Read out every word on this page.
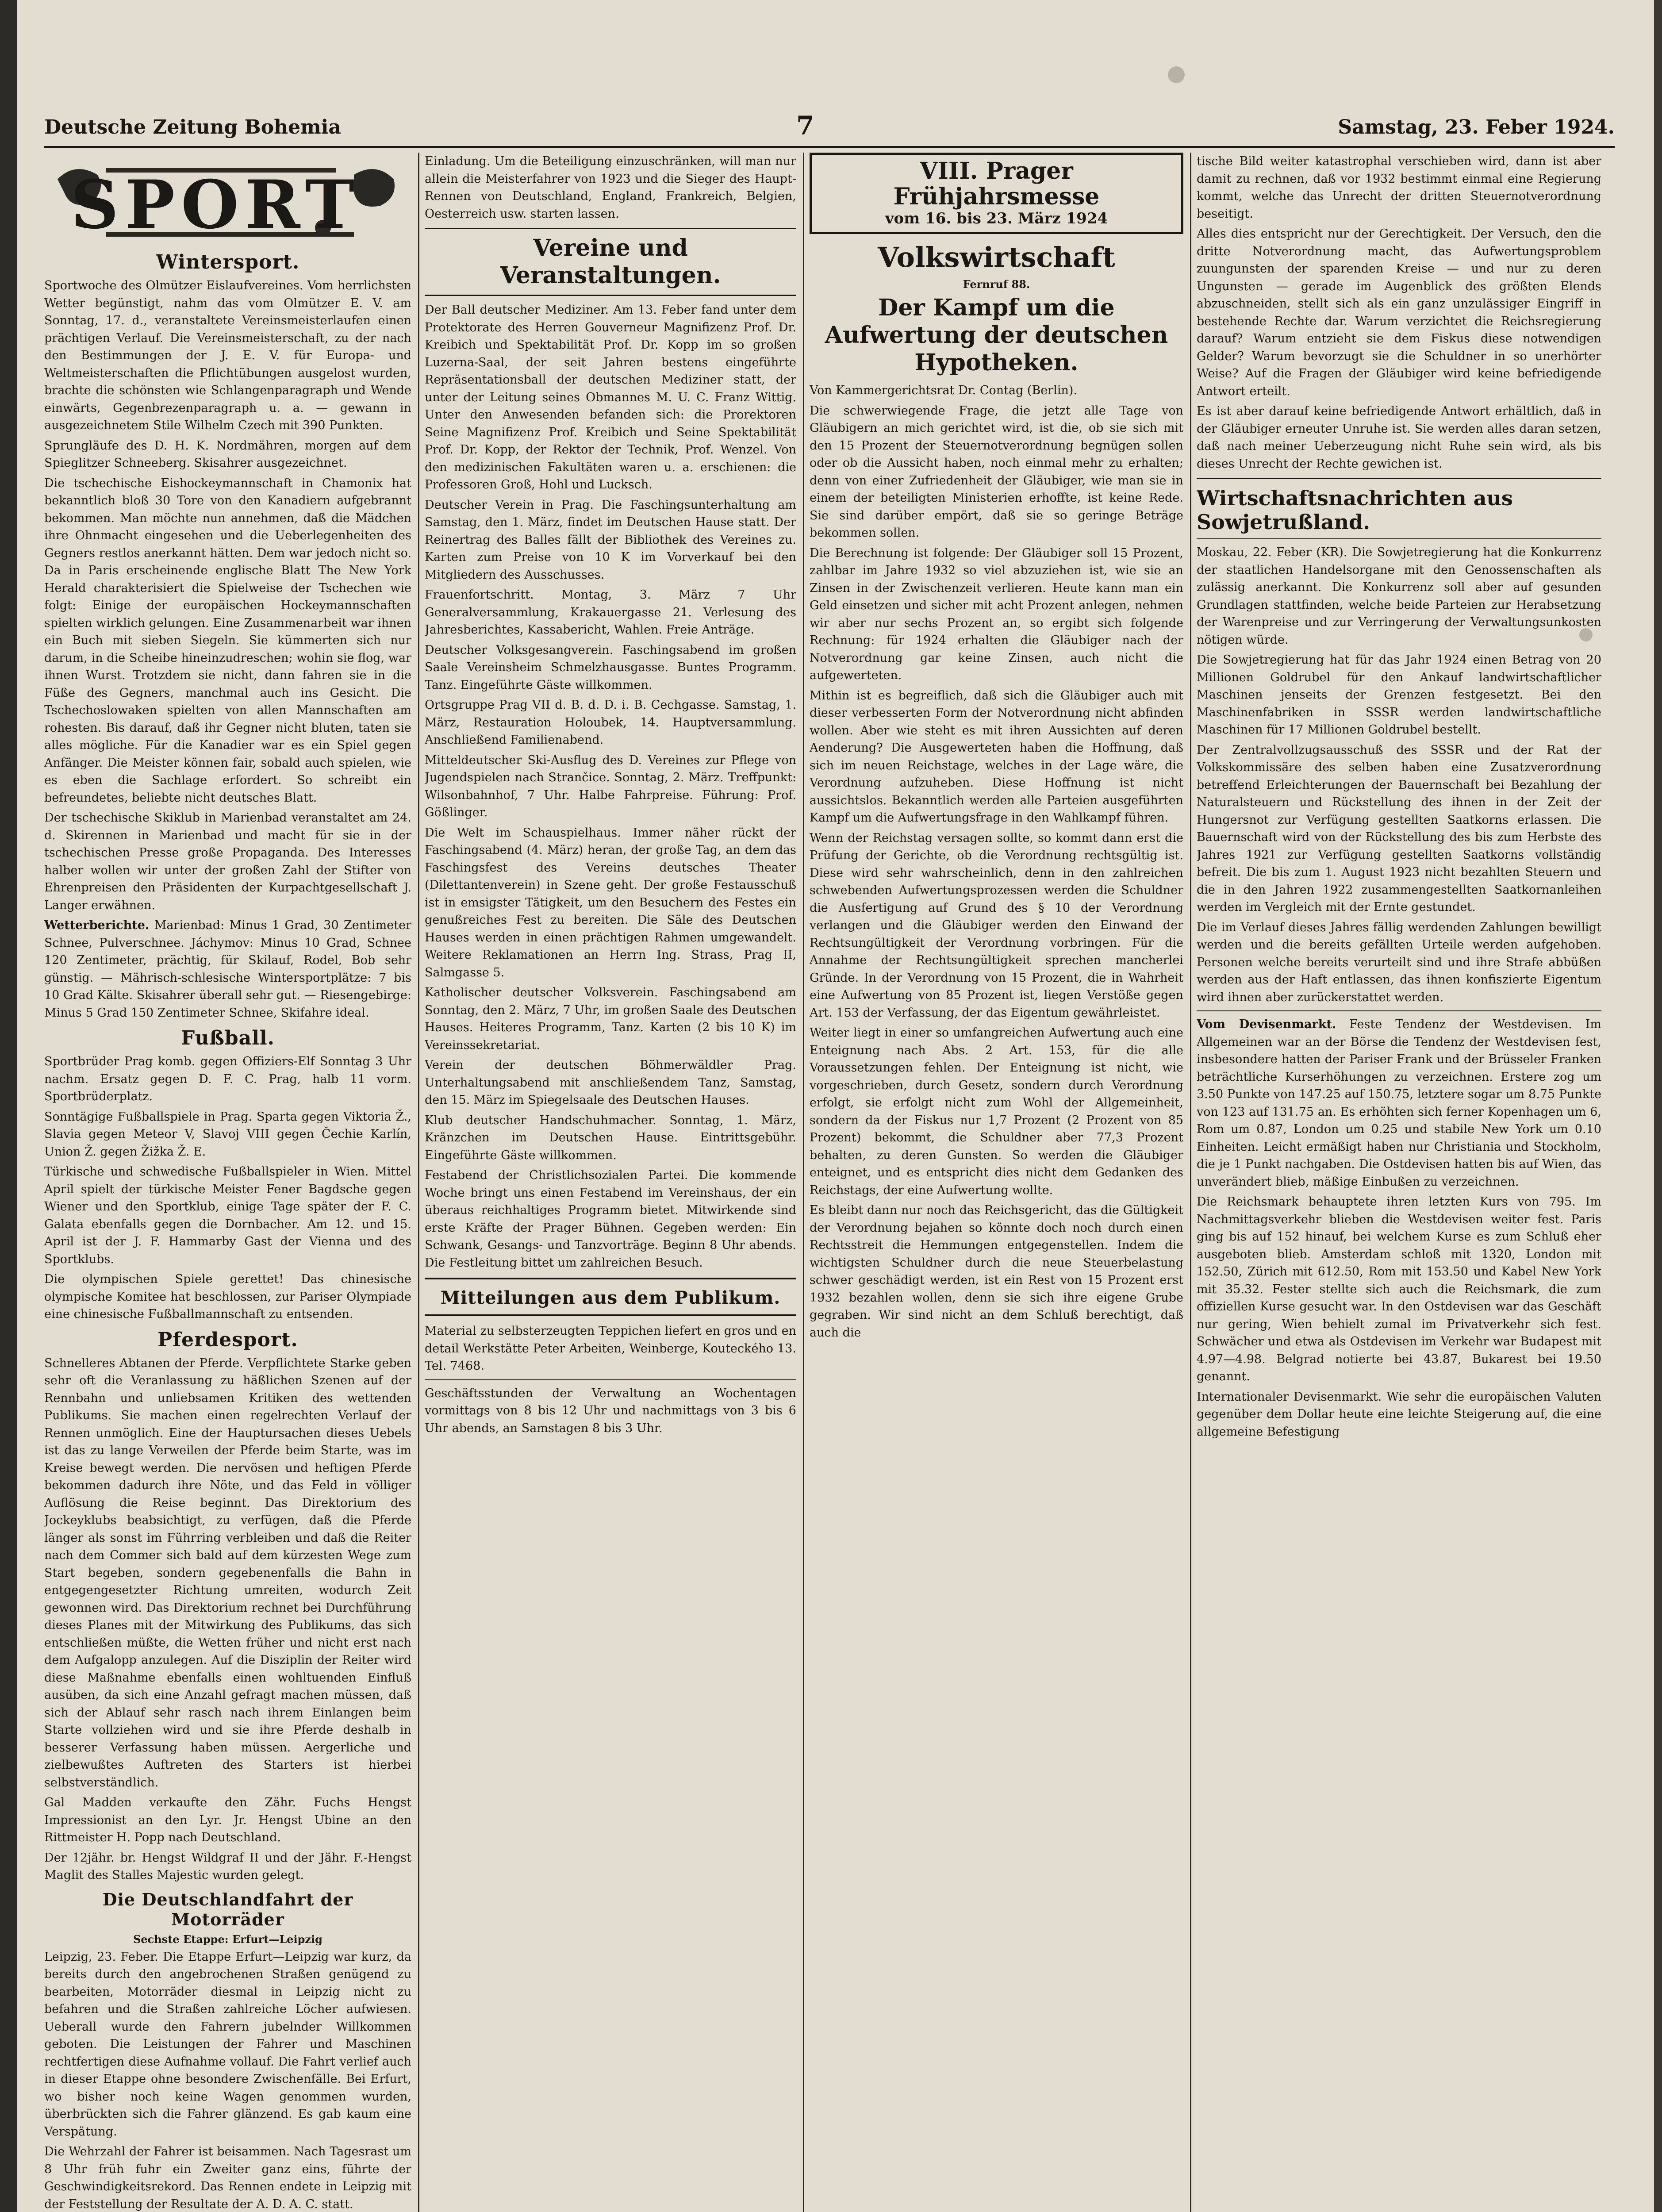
Deutsche Zeitung Bohemia	7	Samstag, 23. Feber 1924.
SPORT
Wintersport.

Sportwoche des Olmützer Eislaufvereines. Vom herrlichsten Wetter begünstigt, nahm das vom Olmützer E. V. am Sonntag, 17. d., veranstaltete Vereinsmeisterlaufen einen prächtigen Verlauf. Die Vereinsmeisterschaft, zu der nach den Bestimmungen der J. E. V. für Europa- und Weltmeisterschaften die Pflichtübungen ausgelost wurden, brachte die schönsten wie Schlangenparagraph und Wende einwärts, Gegenbrezenparagraph u. a. — gewann in ausgezeichnetem Stile Wilhelm Czech mit 390 Punkten.

Sprungläufe des D. H. K. Nordmähren, morgen auf dem Spieglitzer Schneeberg. Skisahrer ausgezeichnet.

Die tschechische Eishockeymannschaft in Chamonix hat bekanntlich bloß 30 Tore von den Kanadiern aufgebrannt bekommen. Man möchte nun annehmen, daß die Mädchen ihre Ohnmacht eingesehen und die Ueberlegenheiten des Gegners restlos anerkannt hätten. Dem war jedoch nicht so. Da in Paris erscheinende englische Blatt The New York Herald charakterisiert die Spielweise der Tschechen wie folgt: Einige der europäischen Hockeymannschaften spielten wirklich gelungen. Eine Zusammenarbeit war ihnen ein Buch mit sieben Siegeln. Sie kümmerten sich nur darum, in die Scheibe hineinzudreschen; wohin sie flog, war ihnen Wurst. Trotzdem sie nicht, dann fahren sie in die Füße des Gegners, manchmal auch ins Gesicht. Die Tschechoslowaken spielten von allen Mannschaften am rohesten. Bis darauf, daß ihr Gegner nicht bluten, taten sie alles mögliche. Für die Kanadier war es ein Spiel gegen Anfänger. Die Meister können fair, sobald auch spielen, wie es eben die Sachlage erfordert. So schreibt ein befreundetes, beliebte nicht deutsches Blatt.

Der tschechische Skiklub in Marienbad veranstaltet am 24. d. Skirennen in Marienbad und macht für sie in der tschechischen Presse große Propaganda. Des Interesses halber wollen wir unter der großen Zahl der Stifter von Ehrenpreisen den Präsidenten der Kurpachtgesellschaft J. Langer erwähnen.

Wetterberichte. Marienbad: Minus 1 Grad, 30 Zentimeter Schnee, Pulverschnee. Jáchymov: Minus 10 Grad, Schnee 120 Zentimeter, prächtig, für Skilauf, Rodel, Bob sehr günstig. — Mährisch-schlesische Wintersportplätze: 7 bis 10 Grad Kälte. Skisahrer überall sehr gut. — Riesengebirge: Minus 5 Grad 150 Zentimeter Schnee, Skifahre ideal.

Fußball.

Sportbrüder Prag komb. gegen Offiziers-Elf Sonntag 3 Uhr nachm. Ersatz gegen D. F. C. Prag, halb 11 vorm. Sportbrüderplatz.

Sonntägige Fußballspiele in Prag. Sparta gegen Viktoria Ž., Slavia gegen Meteor V, Slavoj VIII gegen Čechie Karlín, Union Ž. gegen Žižka Ž. E.

Türkische und schwedische Fußballspieler in Wien. Mittel April spielt der türkische Meister Fener Bagdsche gegen Wiener und den Sportklub, einige Tage später der F. C. Galata ebenfalls gegen die Dornbacher. Am 12. und 15. April ist der J. F. Hammarby Gast der Vienna und des Sportklubs.

Die olympischen Spiele gerettet! Das chinesische olympische Komitee hat beschlossen, zur Pariser Olympiade eine chinesische Fußballmannschaft zu entsenden.

Pferdesport.

Schnelleres Abtanen der Pferde. Verpflichtete Starke geben sehr oft die Veranlassung zu häßlichen Szenen auf der Rennbahn und unliebsamen Kritiken des wettenden Publikums. Sie machen einen regelrechten Verlauf der Rennen unmöglich. Eine der Hauptursachen dieses Uebels ist das zu lange Verweilen der Pferde beim Starte, was im Kreise bewegt werden. Die nervösen und heftigen Pferde bekommen dadurch ihre Nöte, und das Feld in völliger Auflösung die Reise beginnt. Das Direktorium des Jockeyklubs beabsichtigt, zu verfügen, daß die Pferde länger als sonst im Führring verbleiben und daß die Reiter nach dem Commer sich bald auf dem kürzesten Wege zum Start begeben, sondern gegebenenfalls die Bahn in entgegengesetzter Richtung umreiten, wodurch Zeit gewonnen wird. Das Direktorium rechnet bei Durchführung dieses Planes mit der Mitwirkung des Publikums, das sich entschließen müßte, die Wetten früher und nicht erst nach dem Aufgalopp anzulegen. Auf die Disziplin der Reiter wird diese Maßnahme ebenfalls einen wohltuenden Einfluß ausüben, da sich eine Anzahl gefragt machen müssen, daß sich der Ablauf sehr rasch nach ihrem Einlangen beim Starte vollziehen wird und sie ihre Pferde deshalb in besserer Verfassung haben müssen. Aergerliche und zielbewußtes Auftreten des Starters ist hierbei selbstverständlich.

Gal Madden verkaufte den Zähr. Fuchs Hengst Impressionist an den Lyr. Jr. Hengst Ubine an den Rittmeister H. Popp nach Deutschland.

Der 12jähr. br. Hengst Wildgraf II und der Jähr. F.-Hengst Maglit des Stalles Majestic wurden gelegt.

Die Deutschlandfahrt der Motorräder
Sechste Etappe: Erfurt—Leipzig

Leipzig, 23. Feber. Die Etappe Erfurt—Leipzig war kurz, da bereits durch den angebrochenen Straßen genügend zu bearbeiten, Motorräder diesmal in Leipzig nicht zu befahren und die Straßen zahlreiche Löcher aufwiesen. Ueberall wurde den Fahrern jubelnder Willkommen geboten. Die Leistungen der Fahrer und Maschinen rechtfertigen diese Aufnahme vollauf. Die Fahrt verlief auch in dieser Etappe ohne besondere Zwischenfälle. Bei Erfurt, wo bisher noch keine Wagen genommen wurden, überbrückten sich die Fahrer glänzend. Es gab kaum eine Verspätung.

Die Wehrzahl der Fahrer ist beisammen. Nach Tagesrast um 8 Uhr früh fuhr ein Zweiter ganz eins, führte der Geschwindigkeitsrekord. Das Rennen endete in Leipzig mit der Feststellung der Resultate der A. D. A. C. statt.

Einladung. Um die Beteiligung einzuschränken, will man nur allein die Meisterfahrer von 1923 und die Sieger des Haupt-Rennen von Deutschland, England, Frankreich, Belgien, Oesterreich usw. starten lassen.

Vereine und Veranstaltungen.

Der Ball deutscher Mediziner. Am 13. Feber fand unter dem Protektorate des Herren Gouverneur Magnifizenz Prof. Dr. Kreibich und Spektabilität Prof. Dr. Kopp im so großen Luzerna-Saal, der seit Jahren bestens eingeführte Repräsentationsball der deutschen Mediziner statt, der unter der Leitung seines Obmannes M. U. C. Franz Wittig. Unter den Anwesenden befanden sich: die Prorektoren Seine Magnifizenz Prof. Kreibich und Seine Spektabilität Prof. Dr. Kopp, der Rektor der Technik, Prof. Wenzel. Von den medizinischen Fakultäten waren u. a. erschienen: die Professoren Groß, Hohl und Lucksch.

Deutscher Verein in Prag. Die Faschingsunterhaltung am Samstag, den 1. März, findet im Deutschen Hause statt. Der Reinertrag des Balles fällt der Bibliothek des Vereines zu. Karten zum Preise von 10 K im Vorverkauf bei den Mitgliedern des Ausschusses.

Frauenfortschritt. Montag, 3. März 7 Uhr Generalversammlung, Krakauergasse 21. Verlesung des Jahresberichtes, Kassabericht, Wahlen. Freie Anträge.

Deutscher Volksgesangverein. Faschingsabend im großen Saale Vereinsheim Schmelzhausgasse. Buntes Programm. Tanz. Eingeführte Gäste willkommen.

Ortsgruppe Prag VII d. B. d. D. i. B. Cechgasse. Samstag, 1. März, Restauration Holoubek, 14. Hauptversammlung. Anschließend Familienabend.

Mitteldeutscher Ski-Ausflug des D. Vereines zur Pflege von Jugendspielen nach Strančice. Sonntag, 2. März. Treffpunkt: Wilsonbahnhof, 7 Uhr. Halbe Fahrpreise. Führung: Prof. Gößlinger.

Die Welt im Schauspielhaus. Immer näher rückt der Faschingsabend (4. März) heran, der große Tag, an dem das Faschingsfest des Vereins deutsches Theater (Dilettantenverein) in Szene geht. Der große Festausschuß ist in emsigster Tätigkeit, um den Besuchern des Festes ein genußreiches Fest zu bereiten. Die Säle des Deutschen Hauses werden in einen prächtigen Rahmen umgewandelt. Weitere Reklamationen an Herrn Ing. Strass, Prag II, Salmgasse 5.

Katholischer deutscher Volksverein. Faschingsabend am Sonntag, den 2. März, 7 Uhr, im großen Saale des Deutschen Hauses. Heiteres Programm, Tanz. Karten (2 bis 10 K) im Vereinssekretariat.

Verein der deutschen Böhmerwäldler Prag. Unterhaltungsabend mit anschließendem Tanz, Samstag, den 15. März im Spiegelsaale des Deutschen Hauses.

Klub deutscher Handschuhmacher. Sonntag, 1. März, Kränzchen im Deutschen Hause. Eintrittsgebühr. Eingeführte Gäste willkommen.

Festabend der Christlichsozialen Partei. Die kommende Woche bringt uns einen Festabend im Vereinshaus, der ein überaus reichhaltiges Programm bietet. Mitwirkende sind erste Kräfte der Prager Bühnen. Gegeben werden: Ein Schwank, Gesangs- und Tanzvorträge. Beginn 8 Uhr abends. Die Festleitung bittet um zahlreichen Besuch.

Mitteilungen aus dem Publikum.

Material zu selbsterzeugten Teppichen liefert en gros und en detail Werkstätte Peter Arbeiten, Weinberge, Kouteckého 13. Tel. 7468.

Geschäftsstunden der Verwaltung an Wochentagen vormittags von 8 bis 12 Uhr und nachmittags von 3 bis 6 Uhr abends, an Samstagen 8 bis 3 Uhr.

VIII. Prager Frühjahrsmesse
vom 16. bis 23. März 1924
Volkswirtschaft
Fernruf 88.
Der Kampf um die Aufwertung der deutschen Hypotheken.

Von Kammergerichtsrat Dr. Contag (Berlin).

Die schwerwiegende Frage, die jetzt alle Tage von Gläubigern an mich gerichtet wird, ist die, ob sie sich mit den 15 Prozent der Steuernotverordnung begnügen sollen oder ob die Aussicht haben, noch einmal mehr zu erhalten; denn von einer Zufriedenheit der Gläubiger, wie man sie in einem der beteiligten Ministerien erhoffte, ist keine Rede. Sie sind darüber empört, daß sie so geringe Beträge bekommen sollen.

Die Berechnung ist folgende: Der Gläubiger soll 15 Prozent, zahlbar im Jahre 1932 so viel abzuziehen ist, wie sie an Zinsen in der Zwischenzeit verlieren. Heute kann man ein Geld einsetzen und sicher mit acht Prozent anlegen, nehmen wir aber nur sechs Prozent an, so ergibt sich folgende Rechnung: für 1924 erhalten die Gläubiger nach der Notverordnung gar keine Zinsen, auch nicht die aufgewerteten.

Mithin ist es begreiflich, daß sich die Gläubiger auch mit dieser verbesserten Form der Notverordnung nicht abfinden wollen. Aber wie steht es mit ihren Aussichten auf deren Aenderung? Die Ausgewerteten haben die Hoffnung, daß sich im neuen Reichstage, welches in der Lage wäre, die Verordnung aufzuheben. Diese Hoffnung ist nicht aussichtslos. Bekanntlich werden alle Parteien ausgeführten Kampf um die Aufwertungsfrage in den Wahlkampf führen.

Wenn der Reichstag versagen sollte, so kommt dann erst die Prüfung der Gerichte, ob die Verordnung rechtsgültig ist. Diese wird sehr wahrscheinlich, denn in den zahlreichen schwebenden Aufwertungsprozessen werden die Schuldner die Ausfertigung auf Grund des § 10 der Verordnung verlangen und die Gläubiger werden den Einwand der Rechtsungültigkeit der Verordnung vorbringen. Für die Annahme der Rechtsungültigkeit sprechen mancherlei Gründe. In der Verordnung von 15 Prozent, die in Wahrheit eine Aufwertung von 85 Prozent ist, liegen Verstöße gegen Art. 153 der Verfassung, der das Eigentum gewährleistet.

Weiter liegt in einer so umfangreichen Aufwertung auch eine Enteignung nach Abs. 2 Art. 153, für die alle Voraussetzungen fehlen. Der Enteignung ist nicht, wie vorgeschrieben, durch Gesetz, sondern durch Verordnung erfolgt, sie erfolgt nicht zum Wohl der Allgemeinheit, sondern da der Fiskus nur 1,7 Prozent (2 Prozent von 85 Prozent) bekommt, die Schuldner aber 77,3 Prozent behalten, zu deren Gunsten. So werden die Gläubiger enteignet, und es entspricht dies nicht dem Gedanken des Reichstags, der eine Aufwertung wollte.

Es bleibt dann nur noch das Reichsgericht, das die Gültigkeit der Verordnung bejahen so könnte doch noch durch einen Rechtsstreit die Hemmungen entgegenstellen. Indem die wichtigsten Schuldner durch die neue Steuerbelastung schwer geschädigt werden, ist ein Rest von 15 Prozent erst 1932 bezahlen wollen, denn sie sich ihre eigene Grube gegraben. Wir sind nicht an dem Schluß berechtigt, daß auch die

tische Bild weiter katastrophal verschieben wird, dann ist aber damit zu rechnen, daß vor 1932 bestimmt einmal eine Regierung kommt, welche das Unrecht der dritten Steuernotverordnung beseitigt.

Alles dies entspricht nur der Gerechtigkeit. Der Versuch, den die dritte Notverordnung macht, das Aufwertungsproblem zuungunsten der sparenden Kreise — und nur zu deren Ungunsten — gerade im Augenblick des größten Elends abzuschneiden, stellt sich als ein ganz unzulässiger Eingriff in bestehende Rechte dar. Warum verzichtet die Reichsregierung darauf? Warum entzieht sie dem Fiskus diese notwendigen Gelder? Warum bevorzugt sie die Schuldner in so unerhörter Weise? Auf die Fragen der Gläubiger wird keine befriedigende Antwort erteilt.

Es ist aber darauf keine befriedigende Antwort erhältlich, daß in der Gläubiger erneuter Unruhe ist. Sie werden alles daran setzen, daß nach meiner Ueberzeugung nicht Ruhe sein wird, als bis dieses Unrecht der Rechte gewichen ist.

Wirtschaftsnachrichten aus Sowjetrußland.

Moskau, 22. Feber (KR). Die Sowjetregierung hat die Konkurrenz der staatlichen Handelsorgane mit den Genossenschaften als zulässig anerkannt. Die Konkurrenz soll aber auf gesunden Grundlagen stattfinden, welche beide Parteien zur Herabsetzung der Warenpreise und zur Verringerung der Verwaltungsunkosten nötigen würde.

Die Sowjetregierung hat für das Jahr 1924 einen Betrag von 20 Millionen Goldrubel für den Ankauf landwirtschaftlicher Maschinen jenseits der Grenzen festgesetzt. Bei den Maschinenfabriken in SSSR werden landwirtschaftliche Maschinen für 17 Millionen Goldrubel bestellt.

Der Zentralvollzugsausschuß des SSSR und der Rat der Volkskommissäre des selben haben eine Zusatzverordnung betreffend Erleichterungen der Bauernschaft bei Bezahlung der Naturalsteuern und Rückstellung des ihnen in der Zeit der Hungersnot zur Verfügung gestellten Saatkorns erlassen. Die Bauernschaft wird von der Rückstellung des bis zum Herbste des Jahres 1921 zur Verfügung gestellten Saatkorns vollständig befreit. Die bis zum 1. August 1923 nicht bezahlten Steuern und die in den Jahren 1922 zusammengestellten Saatkornanleihen werden im Vergleich mit der Ernte gestundet.

Die im Verlauf dieses Jahres fällig werdenden Zahlungen bewilligt werden und die bereits gefällten Urteile werden aufgehoben. Personen welche bereits verurteilt sind und ihre Strafe abbüßen werden aus der Haft entlassen, das ihnen konfiszierte Eigentum wird ihnen aber zurückerstattet werden.

Vom Devisenmarkt. Feste Tendenz der Westdevisen. Im Allgemeinen war an der Börse die Tendenz der Westdevisen fest, insbesondere hatten der Pariser Frank und der Brüsseler Franken beträchtliche Kurserhöhungen zu verzeichnen. Erstere zog um 3.50 Punkte von 147.25 auf 150.75, letztere sogar um 8.75 Punkte von 123 auf 131.75 an. Es erhöhten sich ferner Kopenhagen um 6, Rom um 0.87, London um 0.25 und stabile New York um 0.10 Einheiten. Leicht ermäßigt haben nur Christiania und Stockholm, die je 1 Punkt nachgaben. Die Ostdevisen hatten bis auf Wien, das unverändert blieb, mäßige Einbußen zu verzeichnen.

Die Reichsmark behauptete ihren letzten Kurs von 795. Im Nachmittagsverkehr blieben die Westdevisen weiter fest. Paris ging bis auf 152 hinauf, bei welchem Kurse es zum Schluß eher ausgeboten blieb. Amsterdam schloß mit 1320, London mit 152.50, Zürich mit 612.50, Rom mit 153.50 und Kabel New York mit 35.32. Fester stellte sich auch die Reichsmark, die zum offiziellen Kurse gesucht war. In den Ostdevisen war das Geschäft nur gering, Wien behielt zumal im Privatverkehr sich fest. Schwächer und etwa als Ostdevisen im Verkehr war Budapest mit 4.97—4.98. Belgrad notierte bei 43.87, Bukarest bei 19.50 genannt.

Internationaler Devisenmarkt. Wie sehr die europäischen Valuten gegenüber dem Dollar heute eine leichte Steigerung auf, die eine allgemeine Befestigung
